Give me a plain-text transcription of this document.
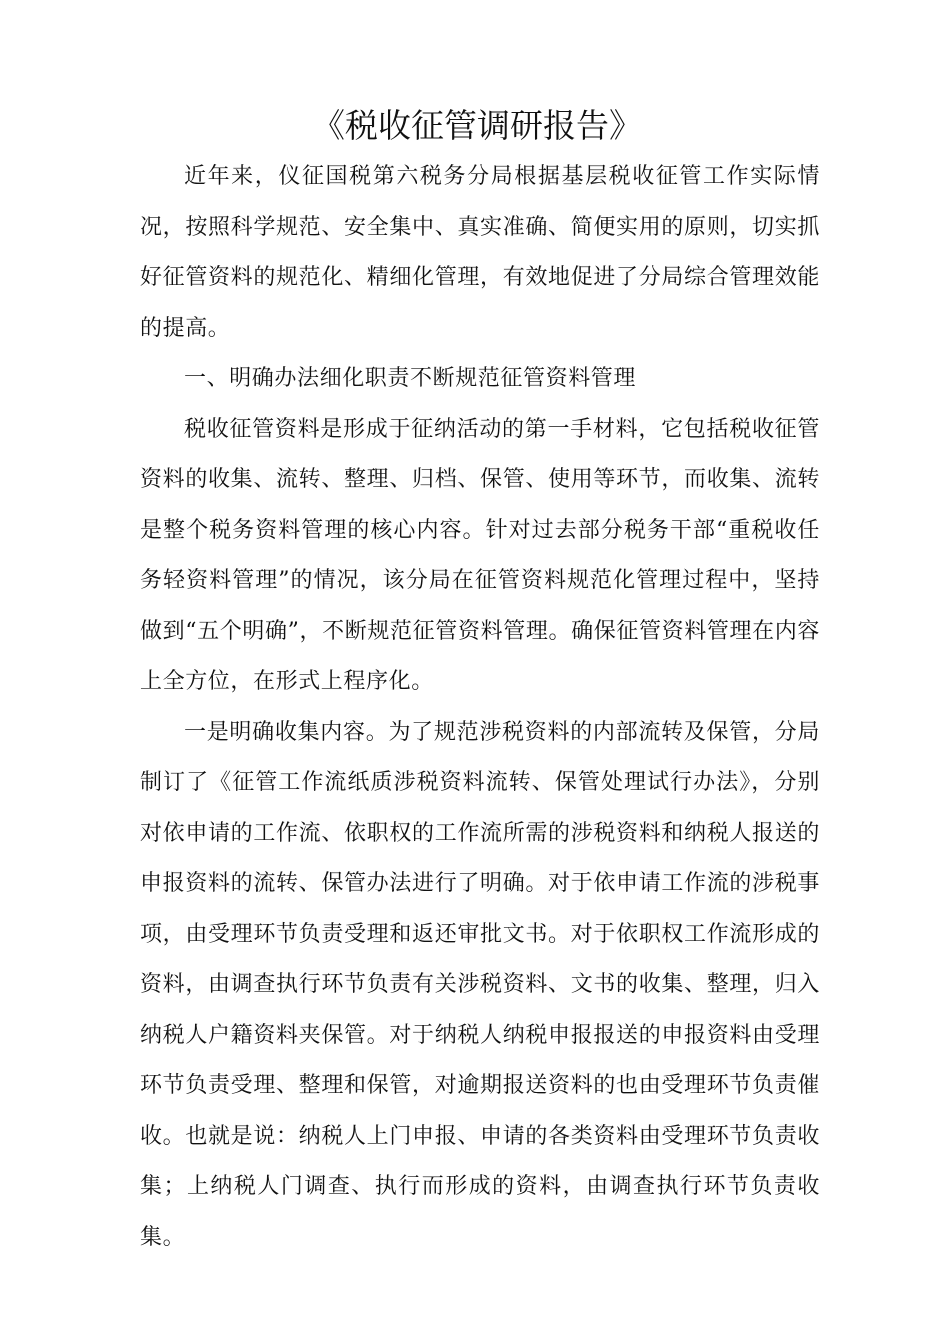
《税收征管调研报告》

近年来，仪征国税第六税务分局根据基层税收征管工作实际情况，按照科学规范、安全集中、真实准确、简便实用的原则，切实抓好征管资料的规范化、精细化管理，有效地促进了分局综合管理效能的提高。

一、明确办法细化职责不断规范征管资料管理

税收征管资料是形成于征纳活动的第一手材料，它包括税收征管资料的收集、流转、整理、归档、保管、使用等环节，而收集、流转是整个税务资料管理的核心内容。针对过去部分税务干部“重税收任务轻资料管理”的情况，该分局在征管资料规范化管理过程中，坚持做到“五个明确”，不断规范征管资料管理。确保征管资料管理在内容上全方位，在形式上程序化。

一是明确收集内容。为了规范涉税资料的内部流转及保管，分局制订了《征管工作流纸质涉税资料流转、保管处理试行办法》，分别对依申请的工作流、依职权的工作流所需的涉税资料和纳税人报送的申报资料的流转、保管办法进行了明确。对于依申请工作流的涉税事项，由受理环节负责受理和返还审批文书。对于依职权工作流形成的资料，由调查执行环节负责有关涉税资料、文书的收集、整理，归入纳税人户籍资料夹保管。对于纳税人纳税申报报送的申报资料由受理环节负责受理、整理和保管，对逾期报送资料的也由受理环节负责催收。也就是说：纳税人上门申报、申请的各类资料由受理环节负责收集；上纳税人门调查、执行而形成的资料，由调查执行环节负责收集。
